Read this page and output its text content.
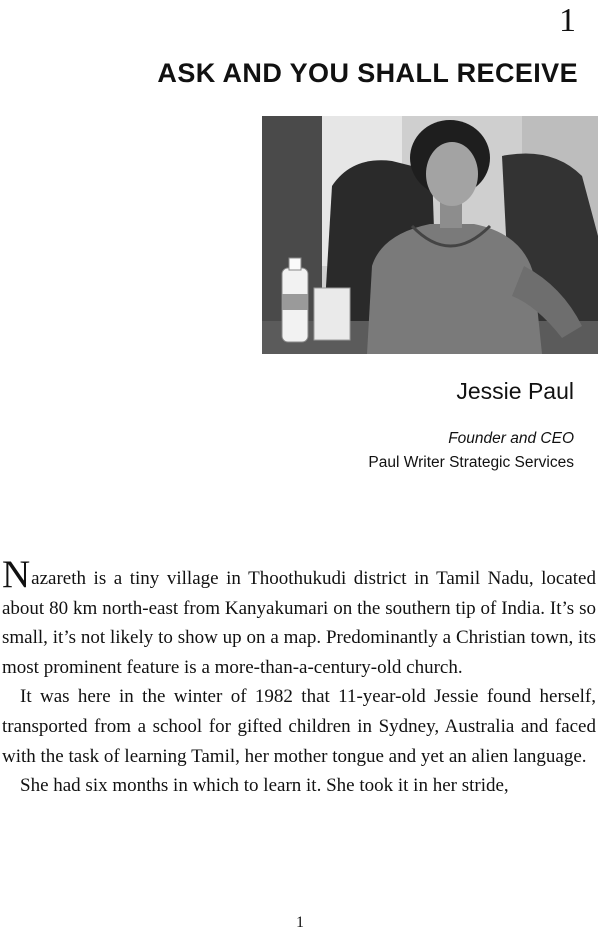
1
ASK AND YOU SHALL RECEIVE
Jessie Paul
Founder and CEO
Paul Writer Strategic Services

Nazareth is a tiny village in Thoothukudi district in Tamil Nadu, located about 80 km north-east from Kanyakumari on the southern tip of India. It’s so small, it’s not likely to show up on a map. Predominantly a Christian town, its most prominent feature is a more-than-a-century-old church.

It was here in the winter of 1982 that 11-year-old Jessie found herself, transported from a school for gifted children in Sydney, Australia and faced with the task of learning Tamil, her mother tongue and yet an alien language.

She had six months in which to learn it. She took it in her stride,

1
